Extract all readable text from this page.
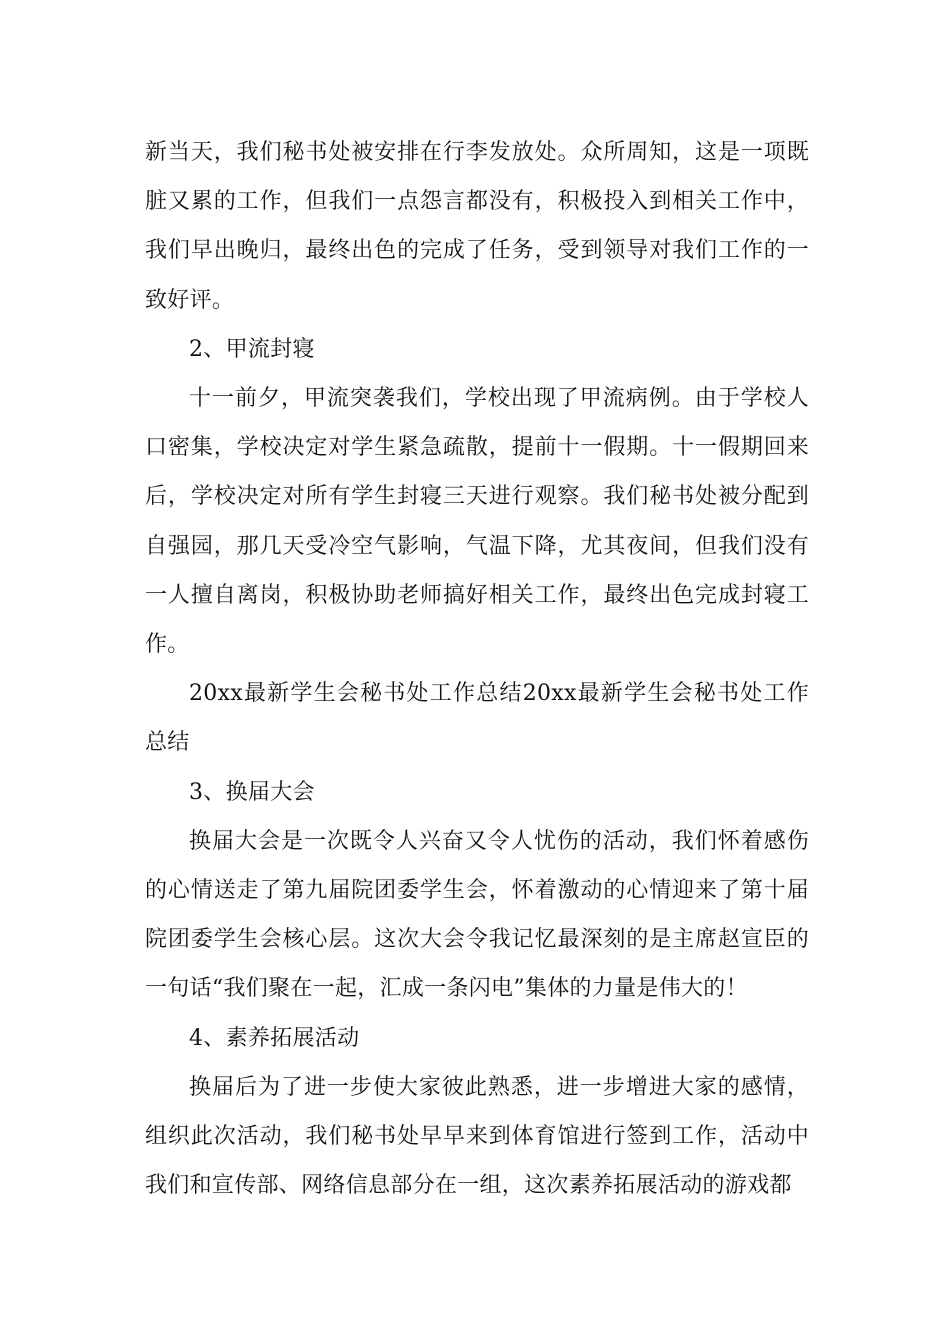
新当天，我们秘书处被安排在行李发放处。众所周知，这是一项既脏又累的工作，但我们一点怨言都没有，积极投入到相关工作中，我们早出晚归，最终出色的完成了任务，受到领导对我们工作的一致好评。

2、甲流封寝

十一前夕，甲流突袭我们，学校出现了甲流病例。由于学校人口密集，学校决定对学生紧急疏散，提前十一假期。十一假期回来后，学校决定对所有学生封寝三天进行观察。我们秘书处被分配到自强园，那几天受冷空气影响，气温下降，尤其夜间，但我们没有一人擅自离岗，积极协助老师搞好相关工作，最终出色完成封寝工作。

20xx最新学生会秘书处工作总结20xx最新学生会秘书处工作总结

3、换届大会

换届大会是一次既令人兴奋又令人忧伤的活动，我们怀着感伤的心情送走了第九届院团委学生会，怀着激动的心情迎来了第十届院团委学生会核心层。这次大会令我记忆最深刻的是主席赵宣臣的一句话“我们聚在一起，汇成一条闪电”集体的力量是伟大的！

4、素养拓展活动

换届后为了进一步使大家彼此熟悉，进一步增进大家的感情，组织此次活动，我们秘书处早早来到体育馆进行签到工作，活动中我们和宣传部、网络信息部分在一组，这次素养拓展活动的游戏都
